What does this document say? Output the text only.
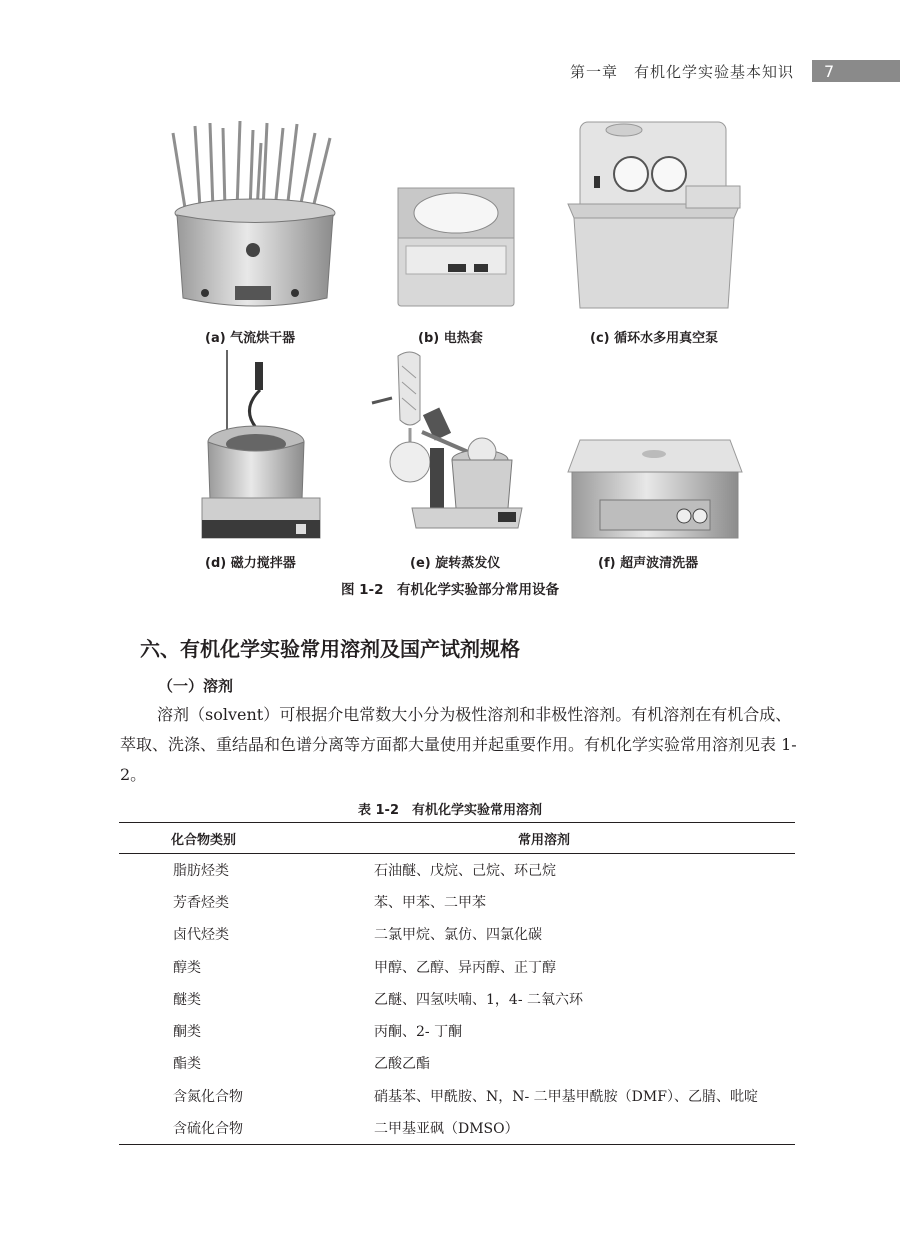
第一章　有机化学实验基本知识	7
(a) 气流烘干器	(b) 电热套	(c) 循环水多用真空泵
(d) 磁力搅拌器	(e) 旋转蒸发仪	(f) 超声波清洗器
图 1-2　有机化学实验部分常用设备
六、有机化学实验常用溶剂及国产试剂规格
（一）溶剂
溶剂（solvent）可根据介电常数大小分为极性溶剂和非极性溶剂。有机溶剂在有机合成、萃取、洗涤、重结晶和色谱分离等方面都大量使用并起重要作用。有机化学实验常用溶剂见表 1-2。
表 1-2　有机化学实验常用溶剂
化合物类别	常用溶剂
脂肪烃类	石油醚、戊烷、己烷、环己烷
芳香烃类	苯、甲苯、二甲苯
卤代烃类	二氯甲烷、氯仿、四氯化碳
醇类	甲醇、乙醇、异丙醇、正丁醇
醚类	乙醚、四氢呋喃、1，4- 二氧六环
酮类	丙酮、2- 丁酮
酯类	乙酸乙酯
含氮化合物	硝基苯、甲酰胺、N，N- 二甲基甲酰胺（DMF）、乙腈、吡啶
含硫化合物	二甲基亚砜（DMSO）
